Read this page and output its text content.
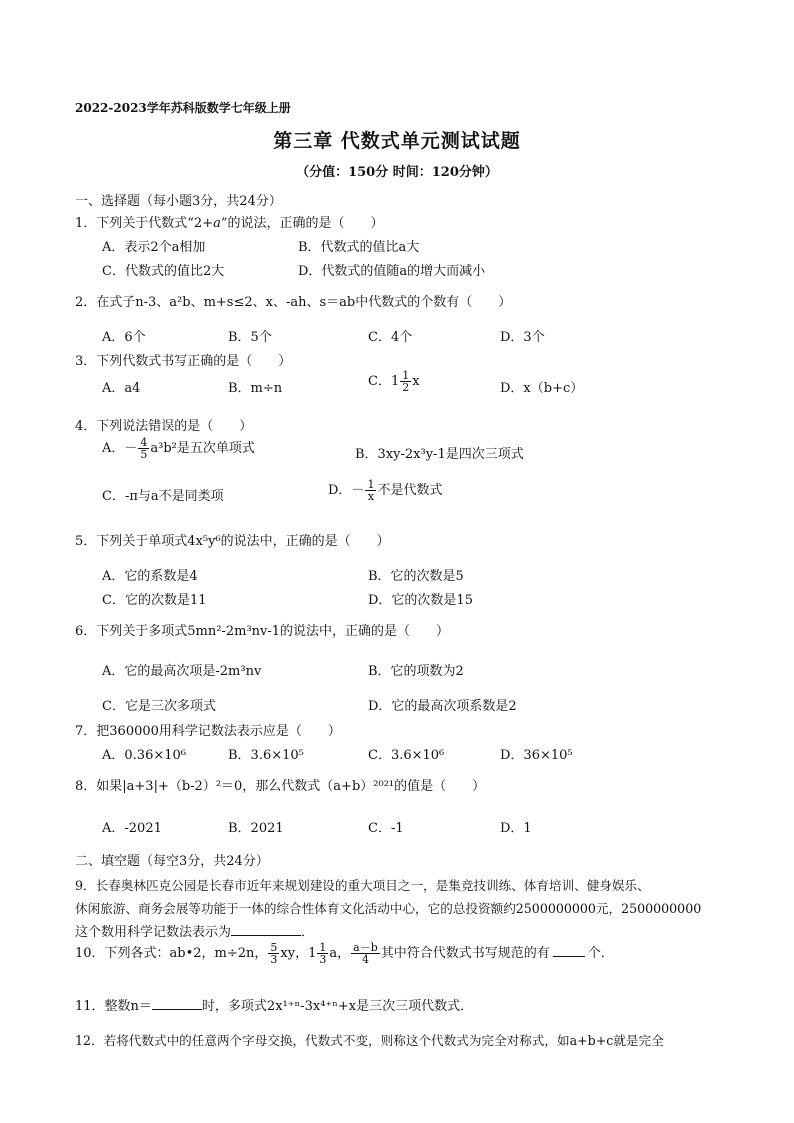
2022-2023学年苏科版数学七年级上册
第三章 代数式单元测试试题
（分值：150分 时间：120分钟）
一、选择题（每小题3分，共24分）
1．下列关于代数式“2+a”的说法，正确的是（　　）
A．表示2个a相加	B．代数式的值比a大
C．代数式的值比2大	D．代数式的值随a的增大而减小
2．在式子n-3、a²b、m+s≤2、x、-ah、s＝ab中代数式的个数有（　　）
A．6个	B．5个	C．4个	D．3个
3．下列代数式书写正确的是（　　）
A．a4	B．m÷n	C．$1 \frac{1}{2}$ x	D．x（b+c）
4．下列说法错误的是（　　）
A．－ $\frac{4}{5} a^3b^2$是五次单项式	B．3xy-2x³y-1是四次三项式
C．-π与a不是同类项	D．－ $\frac{1}{x}$ 不是代数式
5．下列关于单项式4x⁵y⁶的说法中，正确的是（　　）
A．它的系数是4	B．它的次数是5
C．它的次数是11	D．它的次数是15
6．下列关于多项式5mn²-2m³nv-1的说法中，正确的是（　　）
A．它的最高次项是-2m³nv	B．它的项数为2
C．它是三次多项式	D．它的最高次项系数是2
7．把360000用科学记数法表示应是（　　）
A．0.36×10⁶	B．3.6×10⁵	C．3.6×10⁶	D．36×10⁵
8．如果|a+3|+（b-2）²＝0，那么代数式（a+b）²⁰²¹的值是（　　）
A．-2021	B．2021	C．-1	D．1
二、填空题（每空3分，共24分）
9．长春奥林匹克公园是长春市近年来规划建设的重大项目之一，是集竞技训练、体育培训、健身娱乐、
休闲旅游、商务会展等功能于一体的综合性体育文化活动中心，它的总投资额约2500000000元，2500000000
这个数用科学记数法表示为	．
10．下列各式：ab•2，m÷2n， $\frac{5}{3}$ xy，$1 \frac{1}{3}$ a， $\frac{a-b}{4}$ 其中符合代数式书写规范的有	个．
11．整数n＝	时，多项式2x¹⁺ⁿ-3x⁴⁺ⁿ+x是三次三项代数式．
12．若将代数式中的任意两个字母交换，代数式不变，则称这个代数式为完全对称式，如a+b+c就是完全
